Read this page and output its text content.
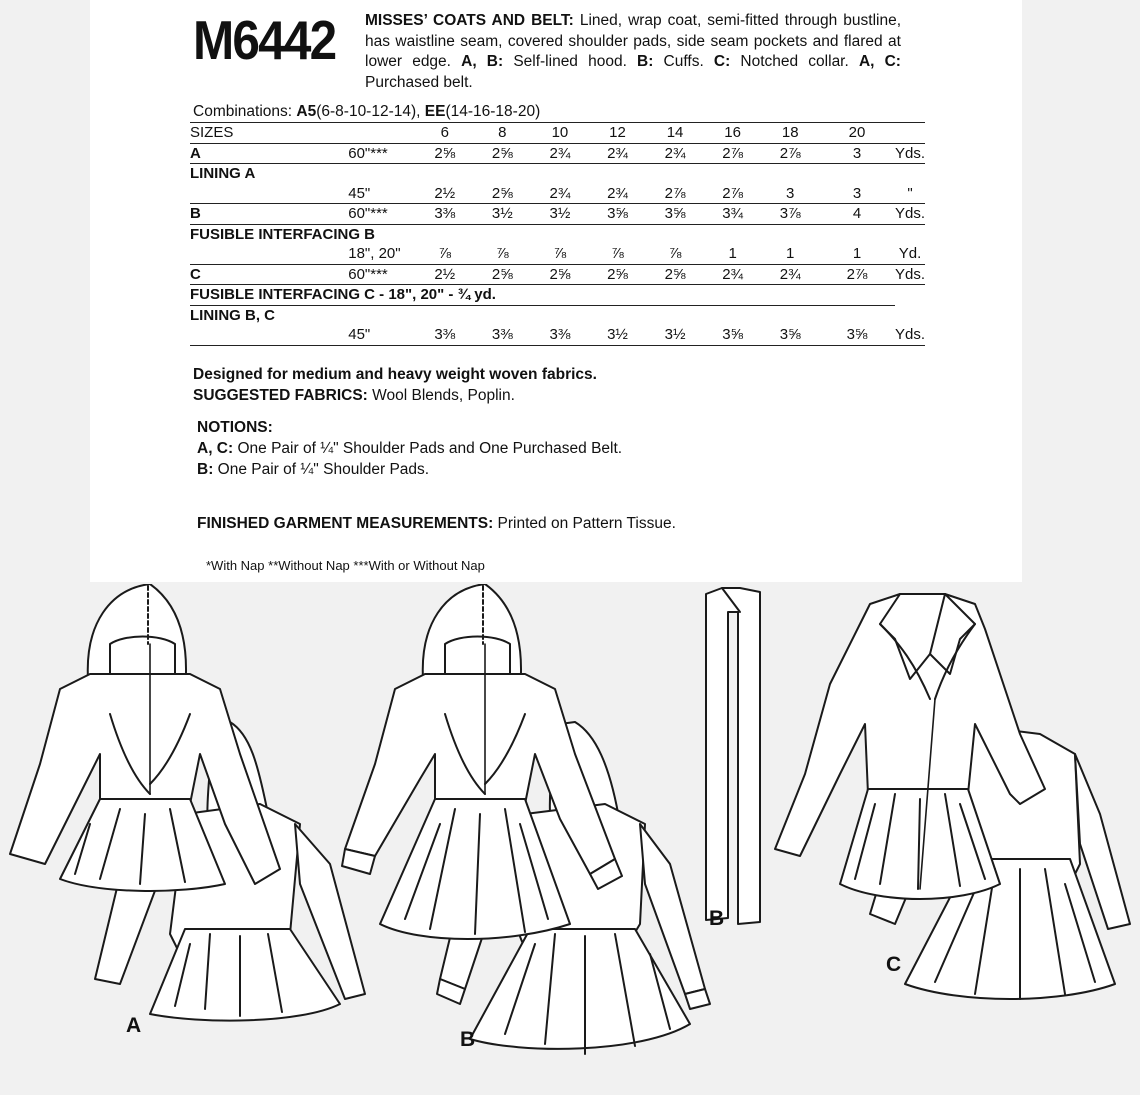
M6442 MISSES’ COATS AND BELT: Lined, wrap coat, semi-fitted through bustline, has waistline seam, covered shoulder pads, side seam pockets and flared at lower edge. A, B: Self-lined hood. B: Cuffs. C: Notched collar. A, C: Purchased belt.
Combinations: A5(6-8-10-12-14), EE(14-16-18-20)
SIZES		6	8	10	12	14	16	18	20	
A	60"***	2⅝	2⅝	2¾	2¾	2¾	2⅞	2⅞	3	Yds.
LINING A										
	45"	2½	2⅝	2¾	2¾	2⅞	2⅞	3	3	"
B	60"***	3⅜	3½	3½	3⅝	3⅝	3¾	3⅞	4	Yds.
FUSIBLE INTERFACING B										
	18", 20"	⅞	⅞	⅞	⅞	⅞	1	1	1	Yd.
C	60"***	2½	2⅝	2⅝	2⅝	2⅝	2¾	2¾	2⅞	Yds.
FUSIBLE INTERFACING C - 18", 20" - ¾ yd.										
LINING B, C										
	45"	3⅜	3⅜	3⅜	3½	3½	3⅝	3⅝	3⅝	Yds.
Designed for medium and heavy weight woven fabrics.
SUGGESTED FABRICS: Wool Blends, Poplin.
NOTIONS:
A, C: One Pair of ¼" Shoulder Pads and One Purchased Belt.
B: One Pair of ¼" Shoulder Pads.
FINISHED GARMENT MEASUREMENTS: Printed on Pattern Tissue.
*With Nap **Without Nap ***With or Without Nap
A
B
B
C
